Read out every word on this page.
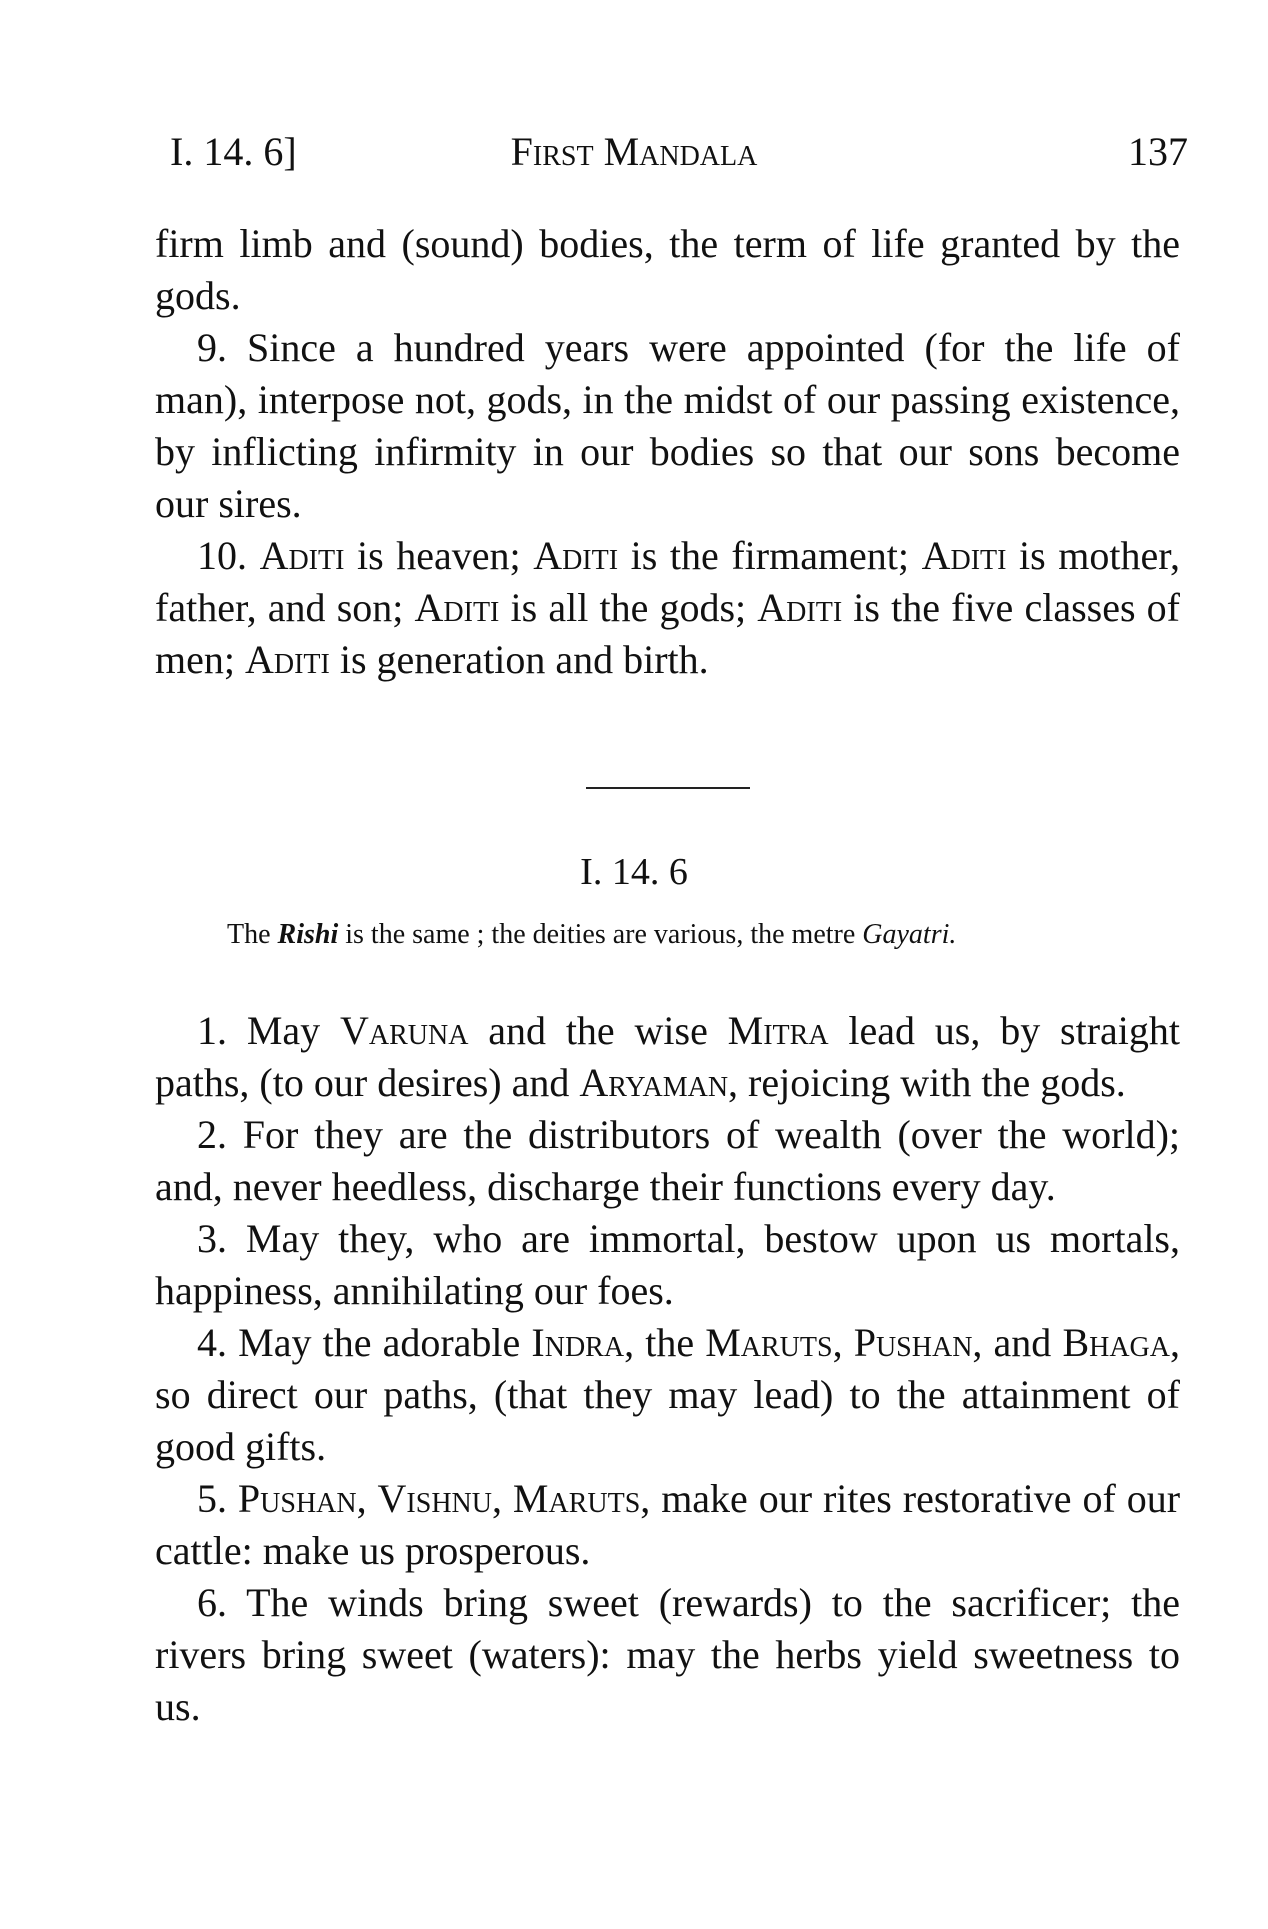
I. 14. 6]	First Mandala	137

firm limb and (sound) bodies, the term of life granted by the gods.

9. Since a hundred years were appointed (for the life of man), interpose not, gods, in the midst of our passing existence, by inflicting infirmity in our bodies so that our sons become our sires.

10. Aditi is heaven; Aditi is the firmament; Aditi is mother, father, and son; Aditi is all the gods; Aditi is the five classes of men; Aditi is generation and birth.

I. 14. 6

The Rishi is the same ; the deities are various, the metre Gayatri.

1. May Varuna and the wise Mitra lead us, by straight paths, (to our desires) and Aryaman, rejoicing with the gods.

2. For they are the distributors of wealth (over the world); and, never heedless, discharge their functions every day.

3. May they, who are immortal, bestow upon us mortals, happiness, annihilating our foes.

4. May the adorable Indra, the Maruts, Pushan, and Bhaga, so direct our paths, (that they may lead) to the attainment of good gifts.

5. Pushan, Vishnu, Maruts, make our rites restorative of our cattle: make us prosperous.

6. The winds bring sweet (rewards) to the sacrificer; the rivers bring sweet (waters): may the herbs yield sweetness to us.
